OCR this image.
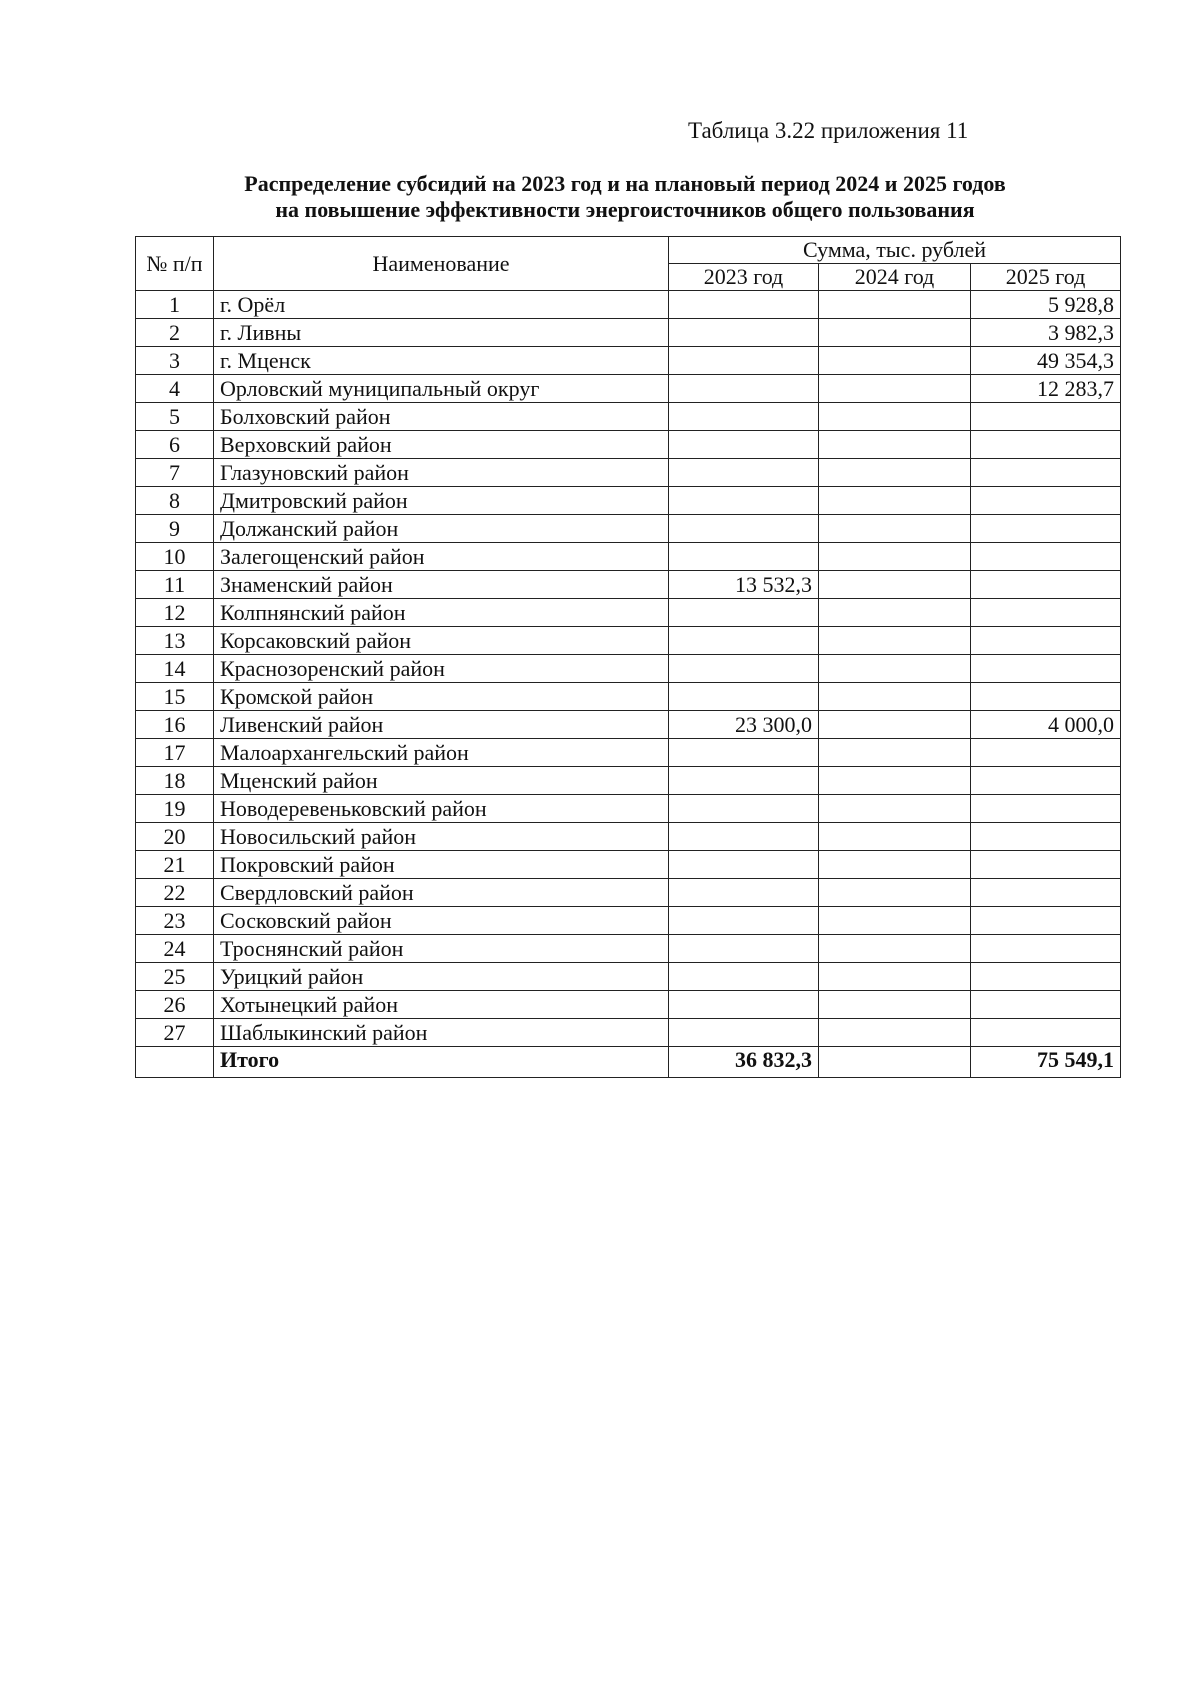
Таблица 3.22 приложения 11
Распределение субсидий на 2023 год и на плановый период 2024 и 2025 годов
на повышение эффективности энергоисточников общего пользования
№ п/п	Наименование	Сумма, тыс. рублей		
		2023 год	2024 год	2025 год
1	г. Орёл			5 928,8
2	г. Ливны			3 982,3
3	г. Мценск			49 354,3
4	Орловский муниципальный округ			12 283,7
5	Болховский район			
6	Верховский район			
7	Глазуновский район			
8	Дмитровский район			
9	Должанский район			
10	Залегощенский район			
11	Знаменский район	13 532,3		
12	Колпнянский район			
13	Корсаковский район			
14	Краснозоренский район			
15	Кромской район			
16	Ливенский район	23 300,0		4 000,0
17	Малоархангельский район			
18	Мценский район			
19	Новодеревеньковский район			
20	Новосильский район			
21	Покровский район			
22	Свердловский район			
23	Сосковский район			
24	Троснянский район			
25	Урицкий район			
26	Хотынецкий район			
27	Шаблыкинский район			
	Итого	36 832,3		75 549,1
